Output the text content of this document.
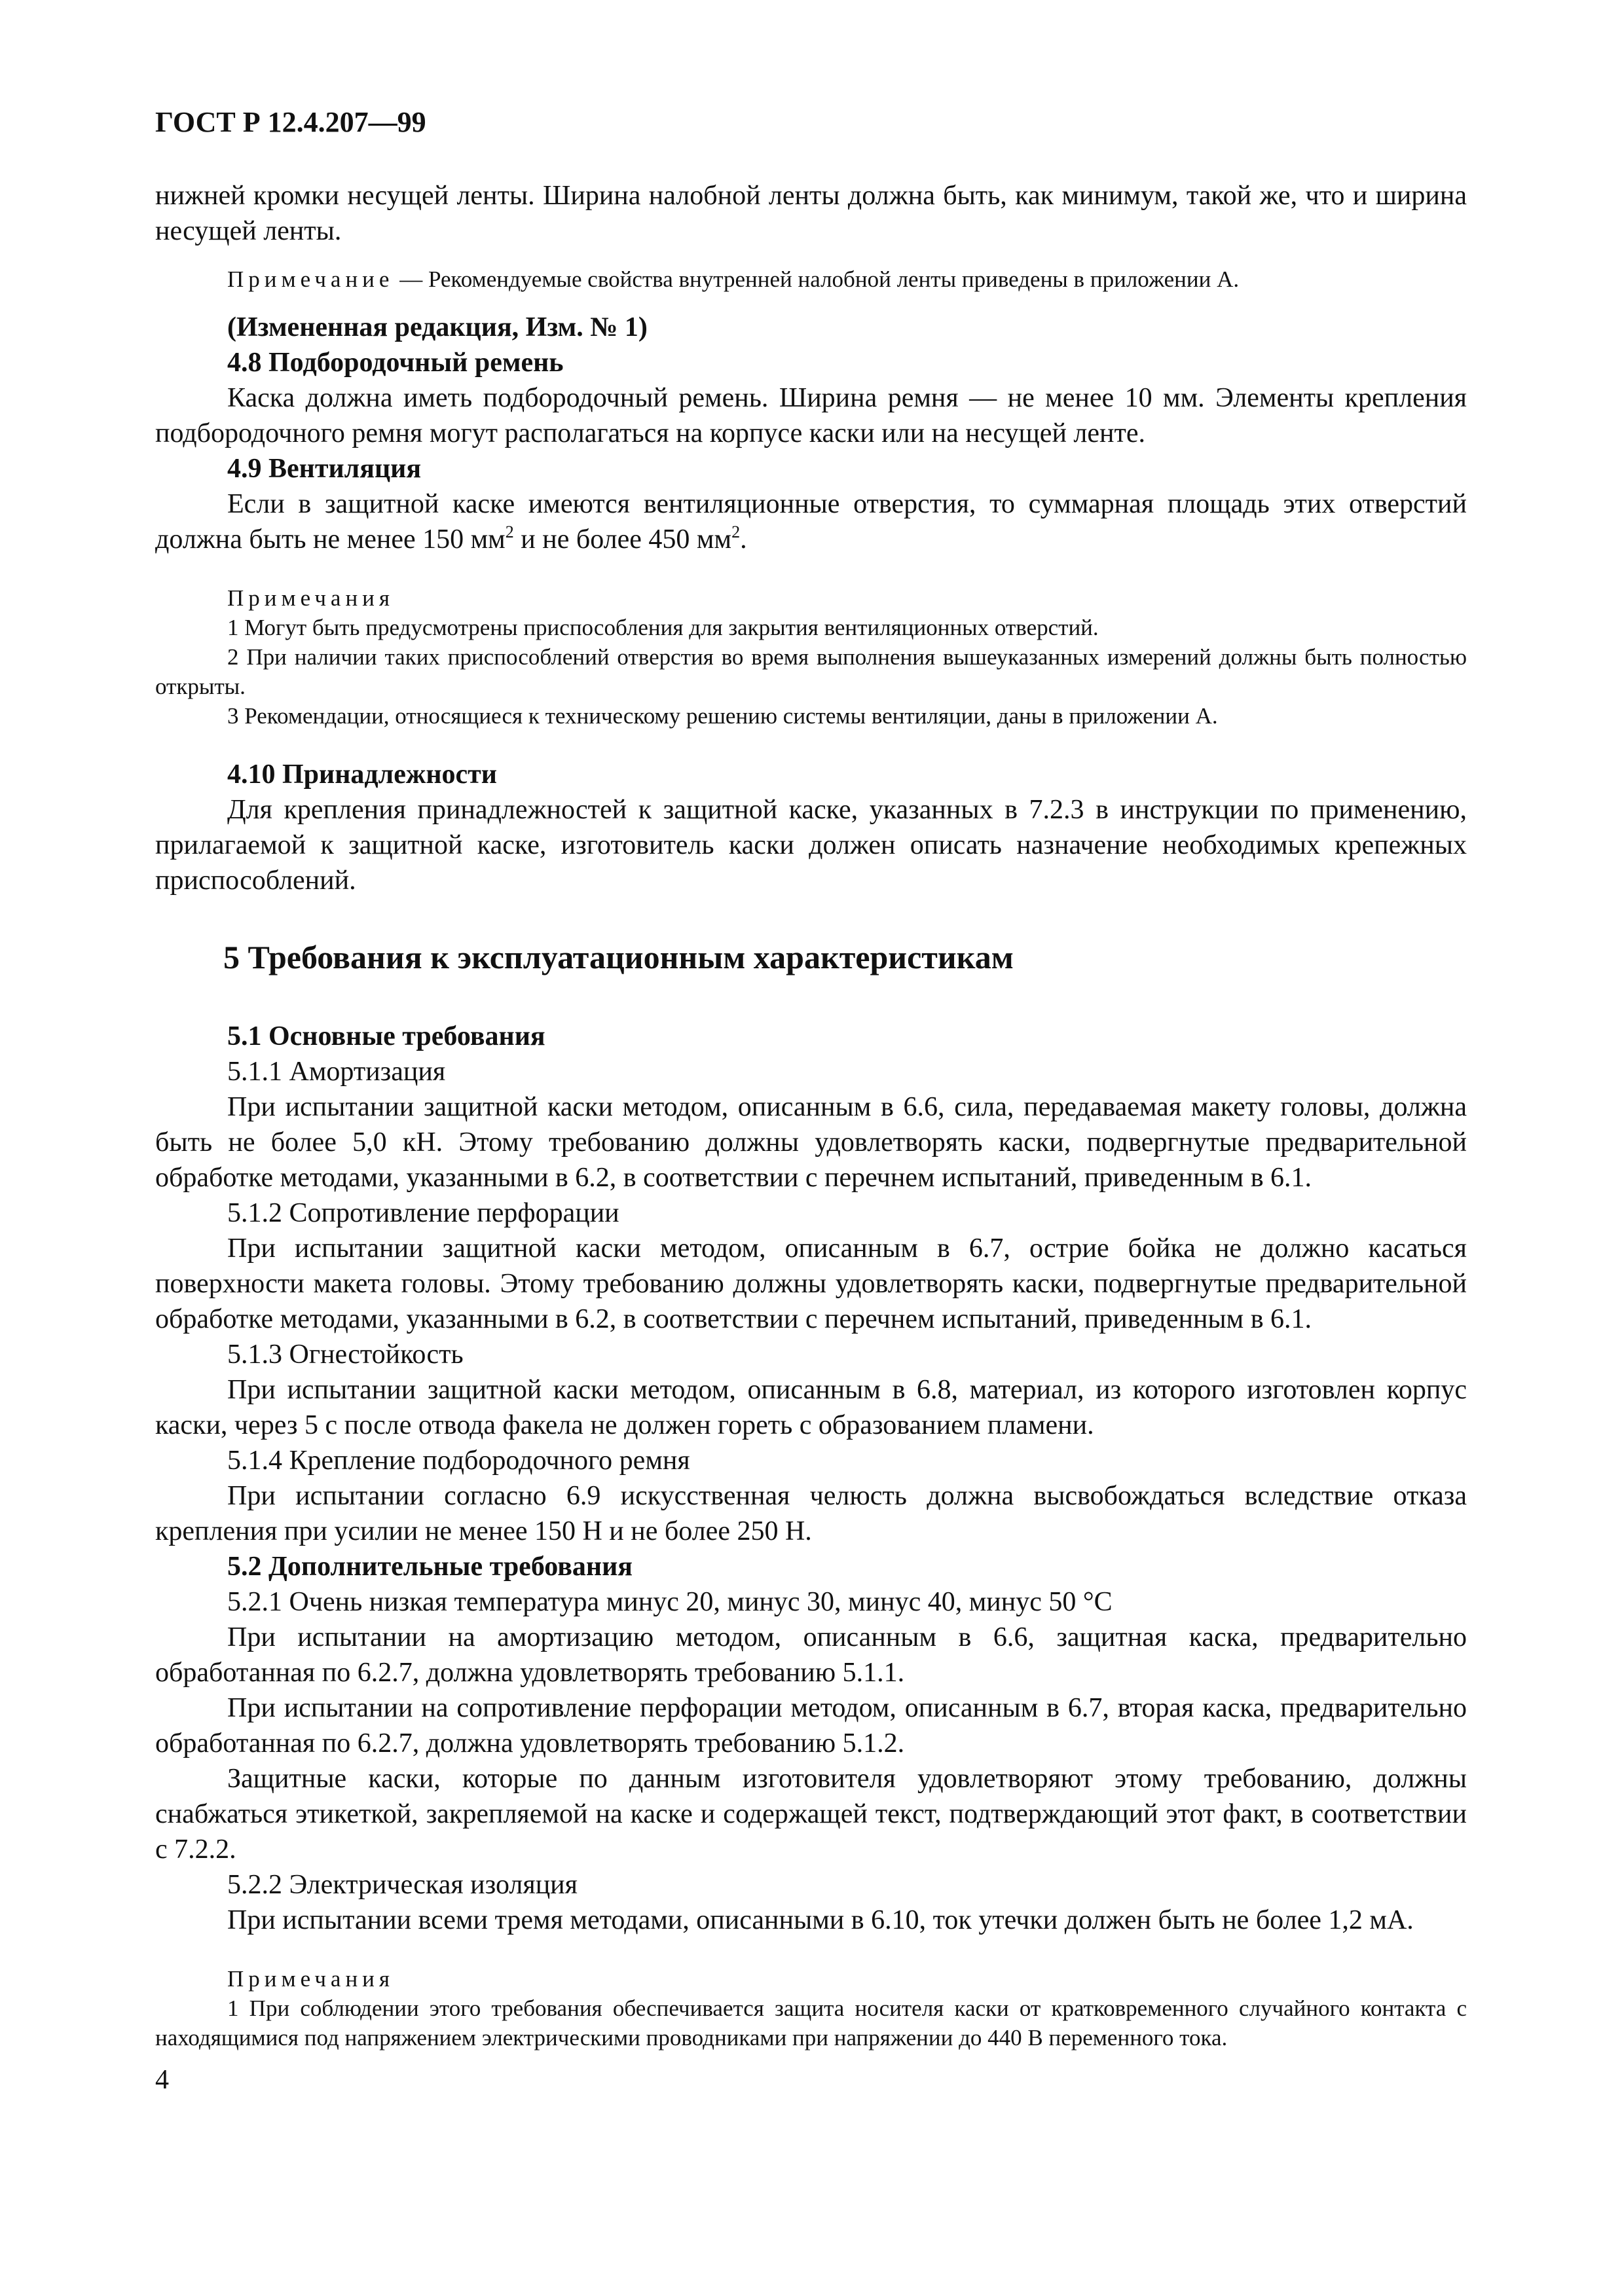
ГОСТ Р 12.4.207—99

нижней кромки несущей ленты. Ширина налобной ленты должна быть, как минимум, такой же, что и ширина несущей ленты.

Примечание — Рекомендуемые свойства внутренней налобной ленты приведены в приложении А.

(Измененная редакция, Изм. № 1)

4.8 Подбородочный ремень

Каска должна иметь подбородочный ремень. Ширина ремня — не менее 10 мм. Элементы крепления подбородочного ремня могут располагаться на корпусе каски или на несущей ленте.

4.9 Вентиляция

Если в защитной каске имеются вентиляционные отверстия, то суммарная площадь этих отверстий должна быть не менее 150 $мм^2$ и не более 450 $мм^2$.

Примечания

1 Могут быть предусмотрены приспособления для закрытия вентиляционных отверстий.

2 При наличии таких приспособлений отверстия во время выполнения вышеуказанных измерений должны быть полностью открыты.

3 Рекомендации, относящиеся к техническому решению системы вентиляции, даны в приложении А.

4.10 Принадлежности

Для крепления принадлежностей к защитной каске, указанных в 7.2.3 в инструкции по применению, прилагаемой к защитной каске, изготовитель каски должен описать назначение необходимых крепежных приспособлений.

5 Требования к эксплуатационным характеристикам

5.1 Основные требования

5.1.1 Амортизация

При испытании защитной каски методом, описанным в 6.6, сила, передаваемая макету головы, должна быть не более 5,0 кН. Этому требованию должны удовлетворять каски, подвергнутые предварительной обработке методами, указанными в 6.2, в соответствии с перечнем испытаний, приведенным в 6.1.

5.1.2 Сопротивление перфорации

При испытании защитной каски методом, описанным в 6.7, острие бойка не должно касаться поверхности макета головы. Этому требованию должны удовлетворять каски, подвергнутые предварительной обработке методами, указанными в 6.2, в соответствии с перечнем испытаний, приведенным в 6.1.

5.1.3 Огнестойкость

При испытании защитной каски методом, описанным в 6.8, материал, из которого изготовлен корпус каски, через 5 с после отвода факела не должен гореть с образованием пламени.

5.1.4 Крепление подбородочного ремня

При испытании согласно 6.9 искусственная челюсть должна высвобождаться вследствие отказа крепления при усилии не менее 150 Н и не более 250 Н.

5.2 Дополнительные требования

5.2.1 Очень низкая температура минус 20, минус 30, минус 40, минус 50 °С

При испытании на амортизацию методом, описанным в 6.6, защитная каска, предварительно обработанная по 6.2.7, должна удовлетворять требованию 5.1.1.

При испытании на сопротивление перфорации методом, описанным в 6.7, вторая каска, предварительно обработанная по 6.2.7, должна удовлетворять требованию 5.1.2.

Защитные каски, которые по данным изготовителя удовлетворяют этому требованию, должны снабжаться этикеткой, закрепляемой на каске и содержащей текст, подтверждающий этот факт, в соответствии с 7.2.2.

5.2.2 Электрическая изоляция

При испытании всеми тремя методами, описанными в 6.10, ток утечки должен быть не более 1,2 мА.

Примечания

1 При соблюдении этого требования обеспечивается защита носителя каски от кратковременного случайного контакта с находящимися под напряжением электрическими проводниками при напряжении до 440 В переменного тока.

4
